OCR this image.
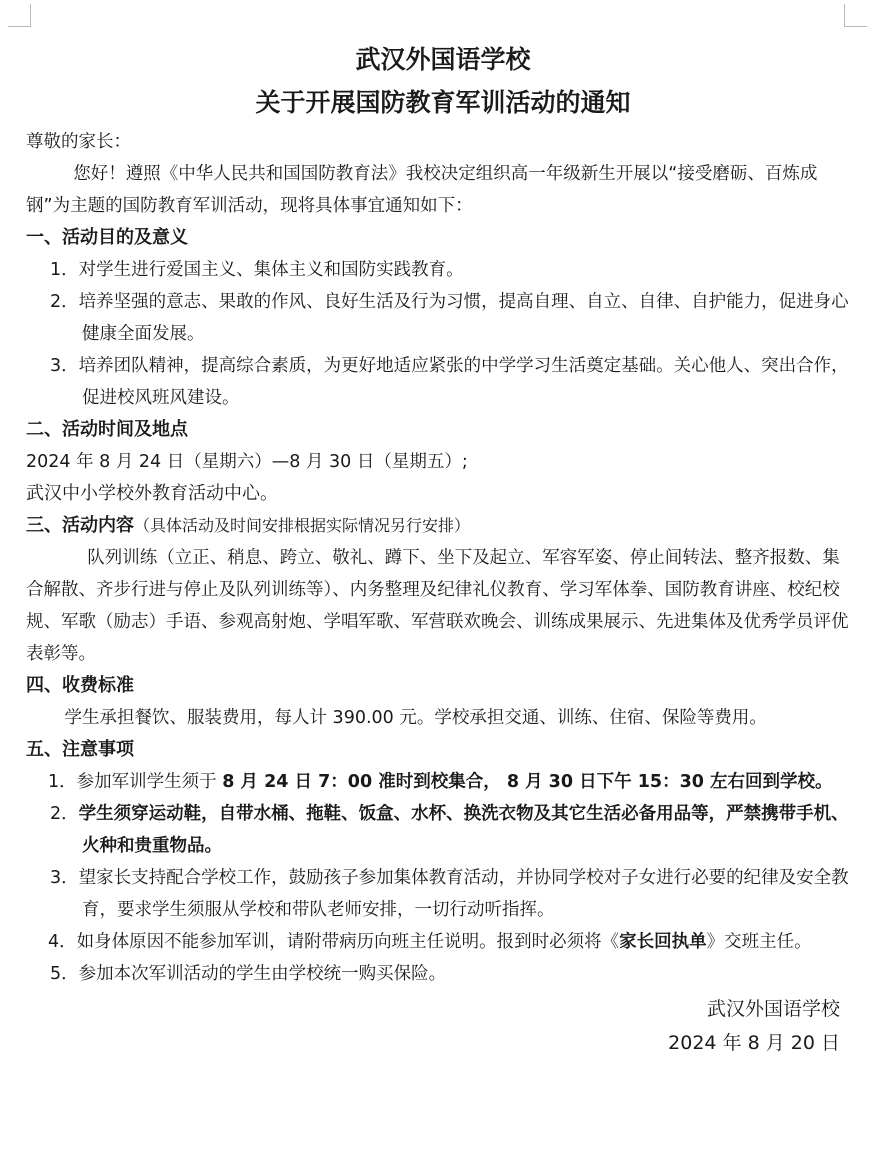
武汉外国语学校
关于开展国防教育军训活动的通知
尊敬的家长：
您好！遵照《中华人民共和国国防教育法》我校决定组织高一年级新生开展以“接受磨砺、百炼成钢”为主题的国防教育军训活动，现将具体事宜通知如下：
一、活动目的及意义
1．对学生进行爱国主义、集体主义和国防实践教育。
2．培养坚强的意志、果敢的作风、良好生活及行为习惯，提高自理、自立、自律、自护能力，促进身心健康全面发展。
3．培养团队精神，提高综合素质，为更好地适应紧张的中学学习生活奠定基础。关心他人、突出合作，促进校风班风建设。
二、活动时间及地点
2024 年 8 月 24 日（星期六）—8 月 30 日（星期五）;
武汉中小学校外教育活动中心。
三、活动内容（具体活动及时间安排根据实际情况另行安排）
队列训练（立正、稍息、跨立、敬礼、蹲下、坐下及起立、军容军姿、停止间转法、整齐报数、集合解散、齐步行进与停止及队列训练等）、内务整理及纪律礼仪教育、学习军体拳、国防教育讲座、校纪校规、军歌（励志）手语、参观高射炮、学唱军歌、军营联欢晚会、训练成果展示、先进集体及优秀学员评优表彰等。
四、收费标准
学生承担餐饮、服装费用，每人计 390.00 元。学校承担交通、训练、住宿、保险等费用。
五、注意事项
1．参加军训学生须于 8 月 24 日 7：00 准时到校集合， 8 月 30 日下午 15：30 左右回到学校。
2．学生须穿运动鞋，自带水桶、拖鞋、饭盒、水杯、换洗衣物及其它生活必备用品等，严禁携带手机、火种和贵重物品。
3．望家长支持配合学校工作，鼓励孩子参加集体教育活动，并协同学校对子女进行必要的纪律及安全教育，要求学生须服从学校和带队老师安排，一切行动听指挥。
4．如身体原因不能参加军训，请附带病历向班主任说明。报到时必须将《家长回执单》交班主任。
5．参加本次军训活动的学生由学校统一购买保险。
武汉外国语学校
2024 年 8 月 20 日
